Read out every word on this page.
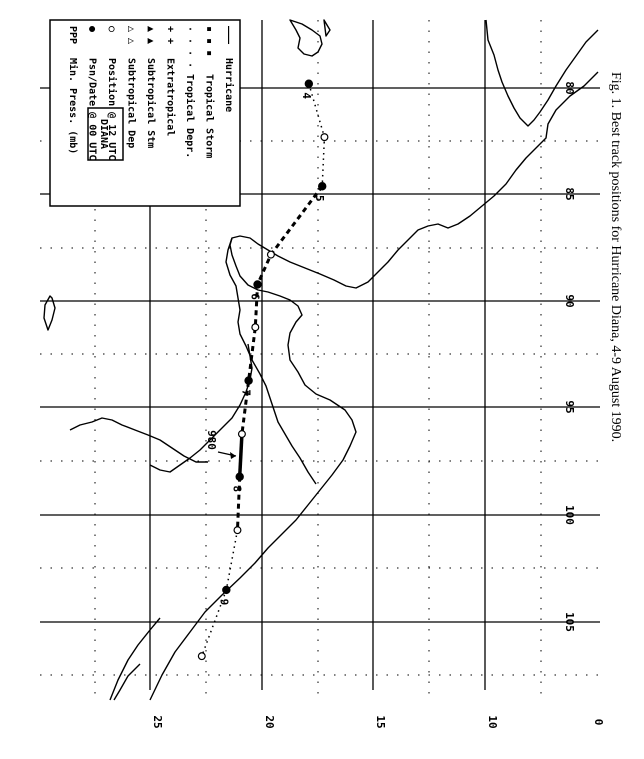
4
5
6
7
8
9
80
85
90
95
100
105
25	20	15	10	0
980
DIANA
———
Hurricane
▪ ▪ ▪
Tropical Storm
· · · ·
Tropical Depr.
+ +
Extratropical
▲ ▲
Subtropical Stm
△ △
Subtropical Dep
○
Position @ 12 UTC
●
Psn/Date @ 00 UTC
PPP
Min. Press. (mb)	Fig. 1. Best track positions for Hurricane Diana, 4-9 August 1990.
